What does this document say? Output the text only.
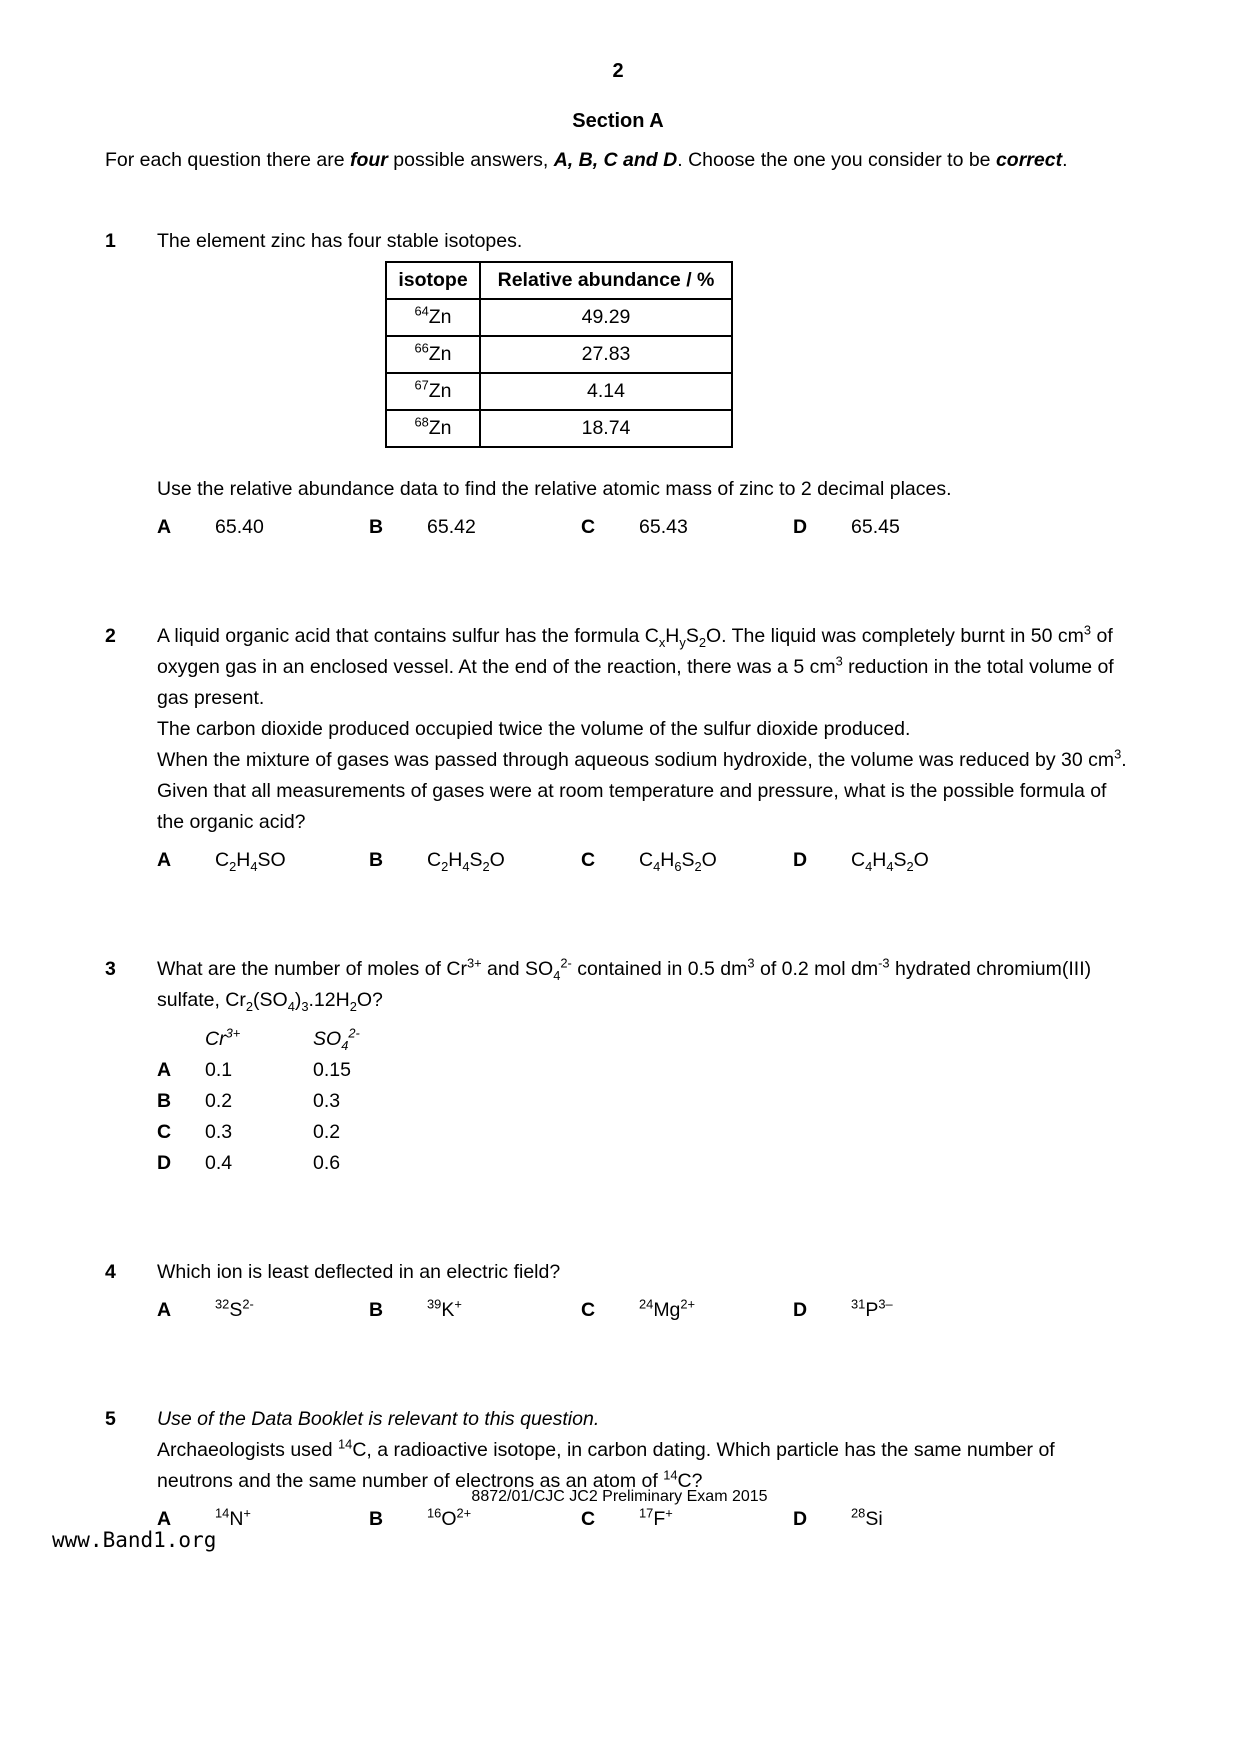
2
Section A

For each question there are four possible answers, A, B, C and D. Choose the one you consider to be correct.

1	The element zinc has four stable isotopes.

isotope	Relative abundance / %
$^{64}$Zn	49.29
$^{66}$Zn	27.83
$^{67}$Zn	4.14
$^{68}$Zn	18.74

Use the relative abundance data to find the relative atomic mass of zinc to 2 decimal places.

A	65.40	B	65.42	C	65.43	D	65.45
2	A liquid organic acid that contains sulfur has the formula $C_xH_yS_2O$. The liquid was completely burnt in 50 $cm^3$ of oxygen gas in an enclosed vessel. At the end of the reaction, there was a 5 $cm^3$ reduction in the total volume of gas present.

The carbon dioxide produced occupied twice the volume of the sulfur dioxide produced.

When the mixture of gases was passed through aqueous sodium hydroxide, the volume was reduced by 30 $cm^3$. Given that all measurements of gases were at room temperature and pressure, what is the possible formula of the organic acid?

A	$C_2H_4SO$	B	$C_2H_4S_2O$	C	$C_4H_6S_2O$	D	$C_4H_4S_2O$
3	What are the number of moles of $Cr^{3+}$ and $SO_4^{2-}$ contained in 0.5 $dm^3$ of 0.2 mol $dm^{-3}$ hydrated chromium(III) sulfate, $Cr_2(SO_4)_3.12H_2O$?

$Cr^{3+}$	$SO_4^{2-}$
A	0.1	0.15
B	0.2	0.3
C	0.3	0.2
D	0.4	0.6
4	Which ion is least deflected in an electric field?

A	$^{32}S^{2-}$	B	$^{39}$K+	C	$^{24}Mg^{2+}$	D	$^{31}P^{3-}$
5	Use of the Data Booklet is relevant to this question.

Archaeologists used $^{14}$C, a radioactive isotope, in carbon dating. Which particle has the same number of neutrons and the same number of electrons as an atom of $^{14}$C?

A	$^{14}$N+	B	$^{16}O^{2+}$	C	$^{17}$F+	D	$^{28}$Si
8872/01/CJC JC2 Preliminary Exam 2015
www.Band1.org
